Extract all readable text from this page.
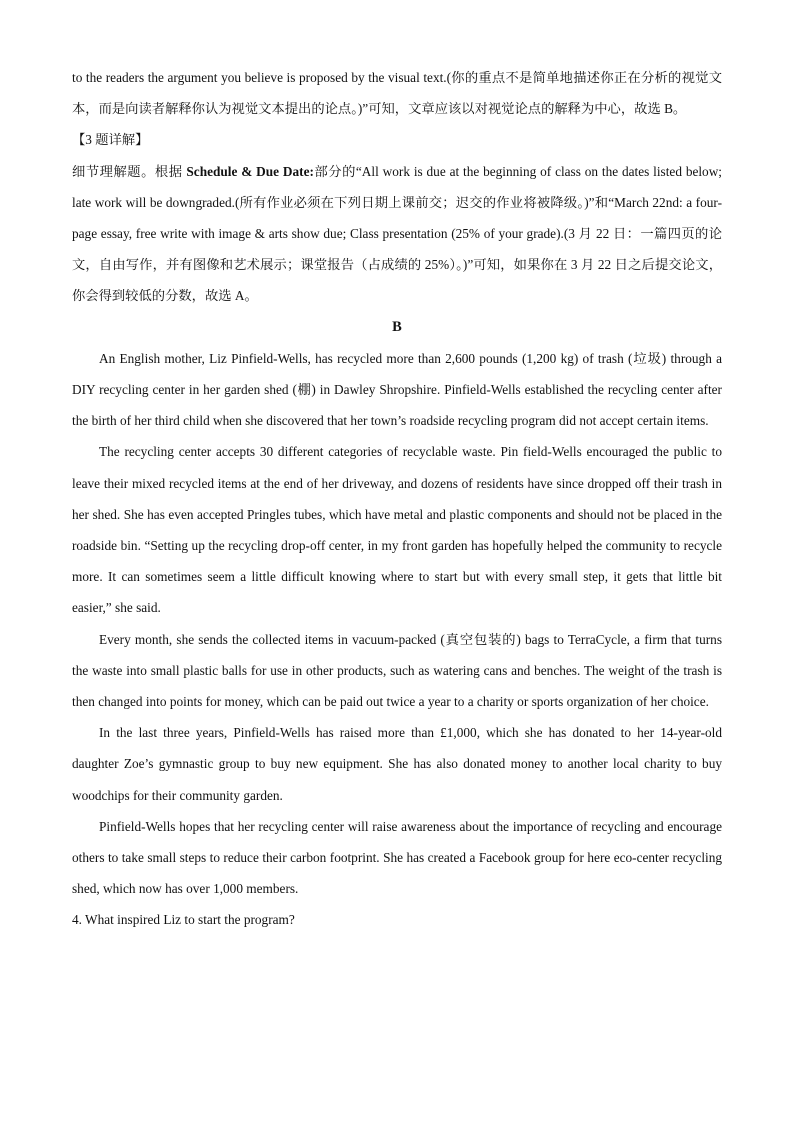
to the readers the argument you believe is proposed by the visual text.(你的重点不是简单地描述你正在分析的视觉文本，而是向读者解释你认为视觉文本提出的论点。)”可知，文章应该以对视觉论点的解释为中心，故选 B。

【3 题详解】

细节理解题。根据 Schedule & Due Date:部分的“All work is due at the beginning of class on the dates listed below; late work will be downgraded.(所有作业必须在下列日期上课前交；迟交的作业将被降级。)”和“March 22nd: a four-page essay, free write with image & arts show due; Class presentation (25% of your grade).(3 月 22 日：一篇四页的论文，自由写作，并有图像和艺术展示；课堂报告（占成绩的 25%）。)”可知，如果你在 3 月 22 日之后提交论文，你会得到较低的分数，故选 A。

B

An English mother, Liz Pinfield-Wells, has recycled more than 2,600 pounds (1,200 kg) of trash (垃圾) through a DIY recycling center in her garden shed (棚) in Dawley Shropshire. Pinfield-Wells established the recycling center after the birth of her third child when she discovered that her town’s roadside recycling program did not accept certain items.

The recycling center accepts 30 different categories of recyclable waste. Pin field-Wells encouraged the public to leave their mixed recycled items at the end of her driveway, and dozens of residents have since dropped off their trash in her shed. She has even accepted Pringles tubes, which have metal and plastic components and should not be placed in the roadside bin. “Setting up the recycling drop-off center, in my front garden has hopefully helped the community to recycle more. It can sometimes seem a little difficult knowing where to start but with every small step, it gets that little bit easier,” she said.

Every month, she sends the collected items in vacuum-packed (真空包装的) bags to TerraCycle, a firm that turns the waste into small plastic balls for use in other products, such as watering cans and benches. The weight of the trash is then changed into points for money, which can be paid out twice a year to a charity or sports organization of her choice.

In the last three years, Pinfield-Wells has raised more than £1,000, which she has donated to her 14-year-old daughter Zoe’s gymnastic group to buy new equipment. She has also donated money to another local charity to buy woodchips for their community garden.

Pinfield-Wells hopes that her recycling center will raise awareness about the importance of recycling and encourage others to take small steps to reduce their carbon footprint. She has created a Facebook group for here eco-center recycling shed, which now has over 1,000 members.

4. What inspired Liz to start the program?
